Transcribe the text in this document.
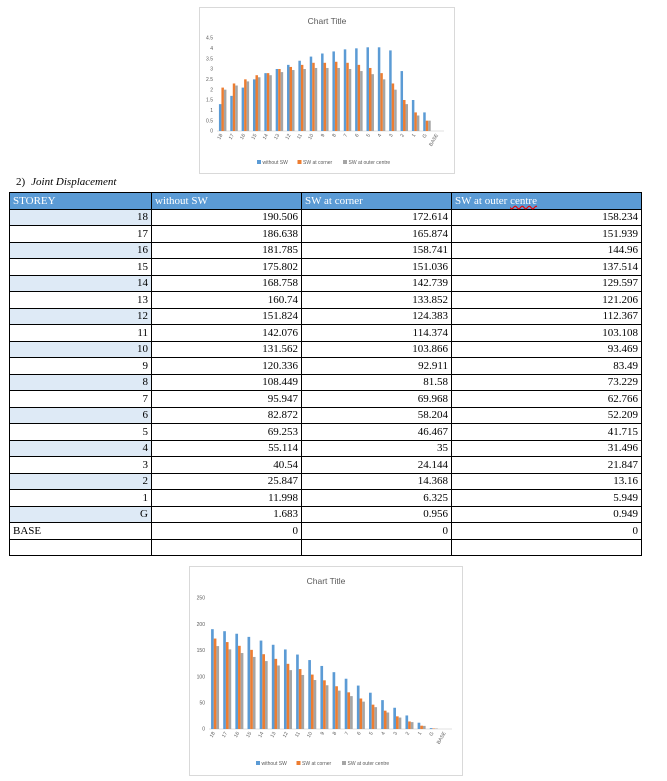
Chart Title
0
0.5
1
1.5
2
2.5
3
3.5
4
4.5
18 17 16 15 14 13 12 11 10 9 8 7 6 5 4 3 2 1 G BASE
without SW	SW at corner	SW at outer centre
2) Joint Displacement
STOREY	without SW	SW at corner	SW at outer centre
18	190.506	172.614	158.234
17	186.638	165.874	151.939
16	181.785	158.741	144.96
15	175.802	151.036	137.514
14	168.758	142.739	129.597
13	160.74	133.852	121.206
12	151.824	124.383	112.367
11	142.076	114.374	103.108
10	131.562	103.866	93.469
9	120.336	92.911	83.49
8	108.449	81.58	73.229
7	95.947	69.968	62.766
6	82.872	58.204	52.209
5	69.253	46.467	41.715
4	55.114	35	31.496
3	40.54	24.144	21.847
2	25.847	14.368	13.16
1	11.998	6.325	5.949
G	1.683	0.956	0.949
BASE	0	0	0

Chart Title
0
50
100
150
200
250
18 17 16 15 14 13 12 11 10 9 8 7 6 5 4 3 2 1 G BASE
without SW	SW at corner	SW at outer centre
